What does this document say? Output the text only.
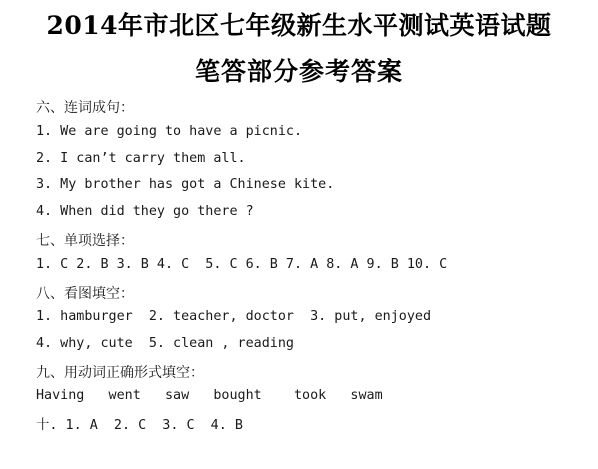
2014年市北区七年级新生水平测试英语试题
笔答部分参考答案
六、连词成句：
1. We are going to have a picnic.
2. I can’t carry them all.
3. My brother has got a Chinese kite.
4. When did they go there ?
七、单项选择：
1. C 2. B 3. B 4. C  5. C 6. B 7. A 8. A 9. B 10. C
八、看图填空：
1. hamburger  2. teacher, doctor  3. put, enjoyed
4. why, cute  5. clean , reading
九、用动词正确形式填空：
Having   went   saw   bought    took   swam
十. 1. A  2. C  3. C  4. B
